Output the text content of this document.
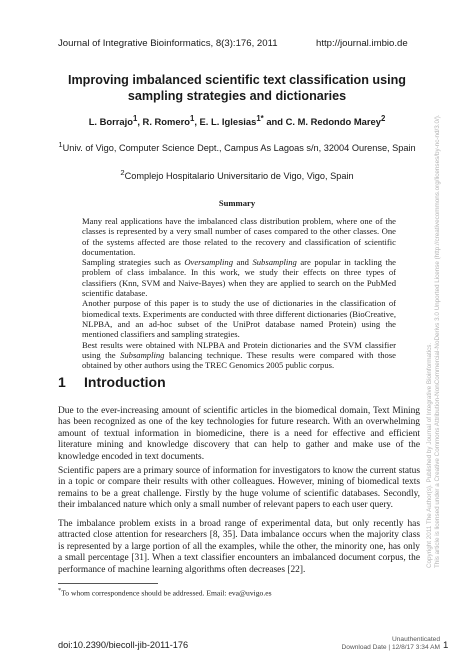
Journal of Integrative Bioinformatics, 8(3):176, 2011	http://journal.imbio.de
Improving imbalanced scientific text classification using sampling strategies and dictionaries
L. Borrajo$^1$, R. Romero$^1$, E. L. Iglesias$^{1*}$ and C. M. Redondo Marey$^2$
$^1$Univ. of Vigo, Computer Science Dept., Campus As Lagoas s/n, 32004 Ourense, Spain
$^2$Complejo Hospitalario Universitario de Vigo, Vigo, Spain
Summary

Many real applications have the imbalanced class distribution problem, where one of the classes is represented by a very small number of cases compared to the other classes. One of the systems affected are those related to the recovery and classification of scientific documentation.

Sampling strategies such as Oversampling and Subsampling are popular in tackling the problem of class imbalance. In this work, we study their effects on three types of classifiers (Knn, SVM and Naive-Bayes) when they are applied to search on the PubMed scientific database.

Another purpose of this paper is to study the use of dictionaries in the classification of biomedical texts. Experiments are conducted with three different dictionaries (BioCreative, NLPBA, and an ad-hoc subset of the UniProt database named Protein) using the mentioned classifiers and sampling strategies.

Best results were obtained with NLPBA and Protein dictionaries and the SVM classifier using the Subsampling balancing technique. These results were compared with those obtained by other authors using the TREC Genomics 2005 public corpus.

1 Introduction
Due to the ever-increasing amount of scientific articles in the biomedical domain, Text Mining has been recognized as one of the key technologies for future research. With an overwhelming amount of textual information in biomedicine, there is a need for effective and efficient literature mining and knowledge discovery that can help to gather and make use of the knowledge encoded in text documents.
Scientific papers are a primary source of information for investigators to know the current status in a topic or compare their results with other colleagues. However, mining of biomedical texts remains to be a great challenge. Firstly by the huge volume of scientific databases. Secondly, their imbalanced nature which only a small number of relevant papers to each user query.
The imbalance problem exists in a broad range of experimental data, but only recently has attracted close attention for researchers [8, 35]. Data imbalance occurs when the majority class is represented by a large portion of all the examples, while the other, the minority one, has only a small percentage [31]. When a text classifier encounters an imbalanced document corpus, the performance of machine learning algorithms often decreases [22].
*To whom correspondence should be addressed. Email: eva@uvigo.es
doi:10.2390/biecoll-jib-2011-176
Unauthenticated
Download Date | 12/8/17 3:34 AM 1
Copyright 2011 The Author(s). Published by Journal of Integrative Bioinformatics. This article is licensed under a Creative Commons Attribution-NonCommercial-NoDerivs 3.0 Unported License (http://creativecommons.org/licenses/by-nc-nd/3.0/).
